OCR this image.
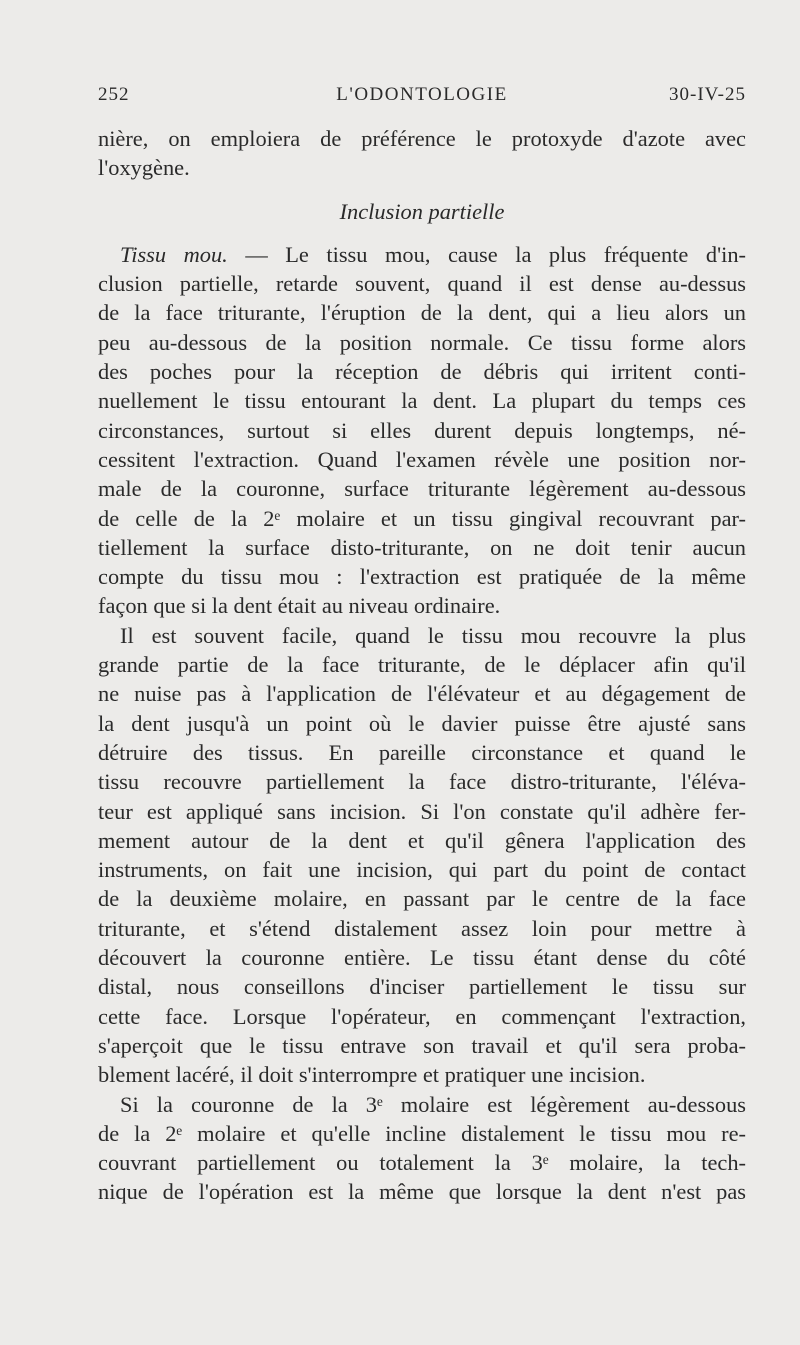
252	L'ODONTOLOGIE	30-IV-25
nière, on emploiera de préférence le protoxyde d'azote avec
l'oxygène.
Inclusion partielle
Tissu mou. — Le tissu mou, cause la plus fréquente d'in-
clusion partielle, retarde souvent, quand il est dense au-dessus
de la face triturante, l'éruption de la dent, qui a lieu alors un
peu au-dessous de la position normale. Ce tissu forme alors
des poches pour la réception de débris qui irritent conti-
nuellement le tissu entourant la dent. La plupart du temps ces
circonstances, surtout si elles durent depuis longtemps, né-
cessitent l'extraction. Quand l'examen révèle une position nor-
male de la couronne, surface triturante légèrement au-dessous
de celle de la 2ᵉ molaire et un tissu gingival recouvrant par-
tiellement la surface disto-triturante, on ne doit tenir aucun
compte du tissu mou : l'extraction est pratiquée de la même
façon que si la dent était au niveau ordinaire.
Il est souvent facile, quand le tissu mou recouvre la plus
grande partie de la face triturante, de le déplacer afin qu'il
ne nuise pas à l'application de l'élévateur et au dégagement de
la dent jusqu'à un point où le davier puisse être ajusté sans
détruire des tissus. En pareille circonstance et quand le
tissu recouvre partiellement la face distro-triturante, l'éléva-
teur est appliqué sans incision. Si l'on constate qu'il adhère fer-
mement autour de la dent et qu'il gênera l'application des
instruments, on fait une incision, qui part du point de contact
de la deuxième molaire, en passant par le centre de la face
triturante, et s'étend distalement assez loin pour mettre à
découvert la couronne entière. Le tissu étant dense du côté
distal, nous conseillons d'inciser partiellement le tissu sur
cette face. Lorsque l'opérateur, en commençant l'extraction,
s'aperçoit que le tissu entrave son travail et qu'il sera proba-
blement lacéré, il doit s'interrompre et pratiquer une incision.
Si la couronne de la 3ᵉ molaire est légèrement au-dessous
de la 2ᵉ molaire et qu'elle incline distalement le tissu mou re-
couvrant partiellement ou totalement la 3ᵉ molaire, la tech-
nique de l'opération est la même que lorsque la dent n'est pas
